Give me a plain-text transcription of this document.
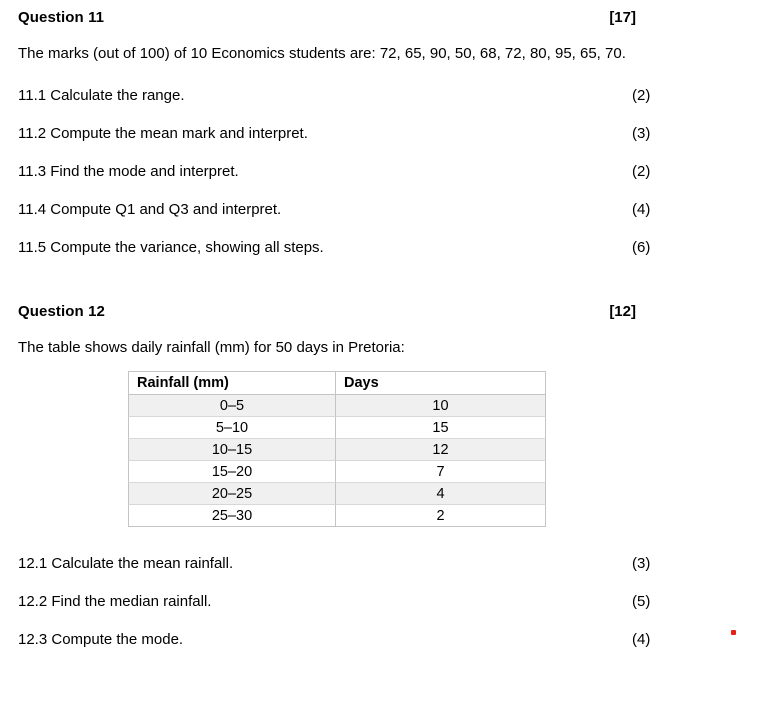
Question 11	[17]
The marks (out of 100) of 10 Economics students are: 72, 65, 90, 50, 68, 72, 80, 95, 65, 70.
11.1 Calculate the range.	(2)
11.2 Compute the mean mark and interpret.	(3)
11.3 Find the mode and interpret.	(2)
11.4 Compute Q1 and Q3 and interpret.	(4)
11.5 Compute the variance, showing all steps.	(6)
Question 12	[12]
The table shows daily rainfall (mm) for 50 days in Pretoria:
Rainfall (mm)	Days
0–5	10
5–10	15
10–15	12
15–20	7
20–25	4
25–30	2
12.1 Calculate the mean rainfall.	(3)
12.2 Find the median rainfall.	(5)
12.3 Compute the mode.	(4)
